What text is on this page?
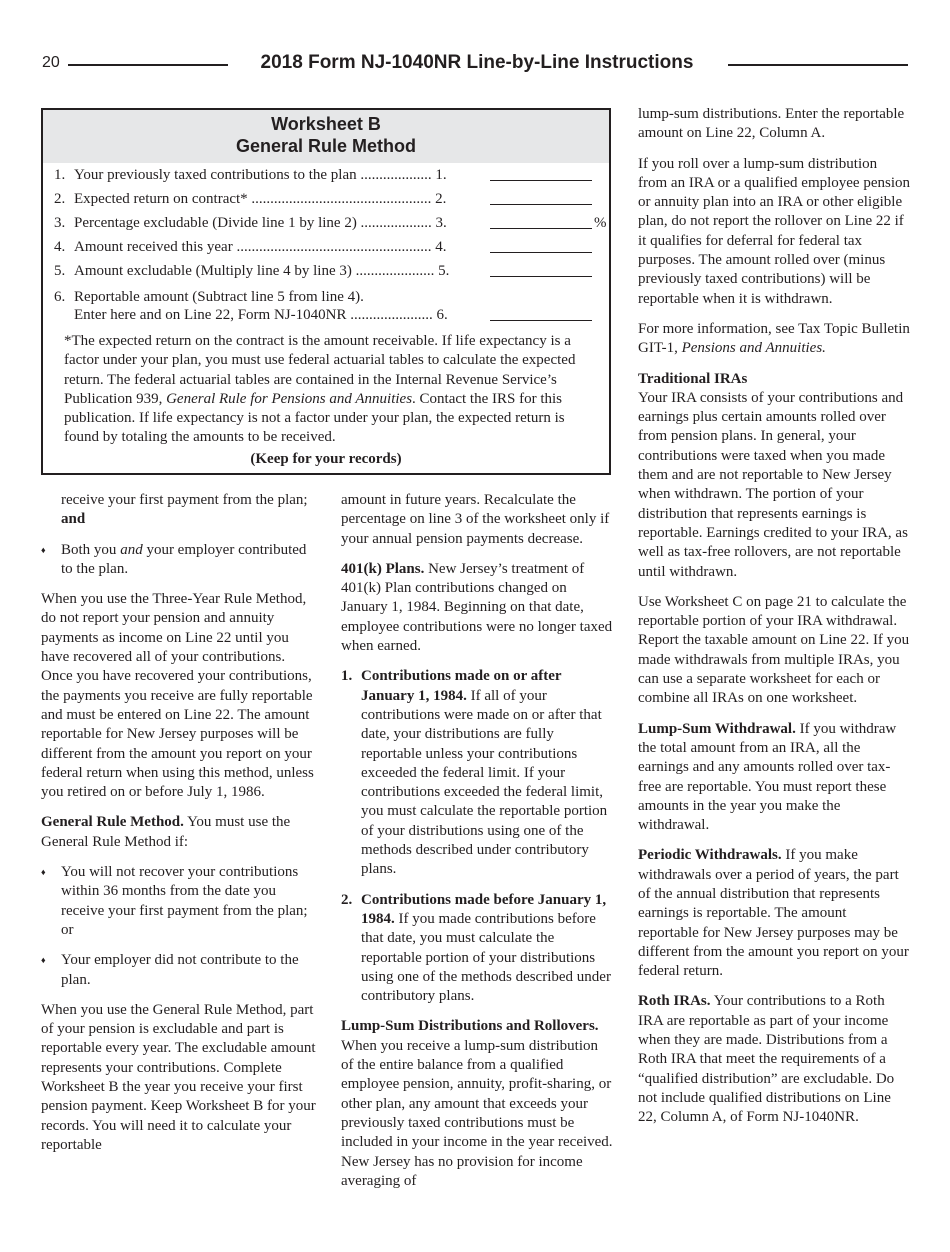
20	2018 Form NJ-1040NR Line-by-Line Instructions
Worksheet B
General Rule Method
1. Your previously taxed contributions to the plan ................... 1.
2. Expected return on contract* ................................................ 2.
3. Percentage excludable (Divide line 1 by line 2) ................... 3.	%
4. Amount received this year .................................................... 4.
5. Amount excludable (Multiply line 4 by line 3) ..................... 5.
6. Reportable amount (Subtract line 5 from line 4).
Enter here and on Line 22, Form NJ-1040NR ...................... 6.
*The expected return on the contract is the amount receivable. If life expectancy is a factor under your plan, you must use federal actuarial tables to calculate the expected return. The federal actuarial tables are contained in the Internal Revenue Service’s Publication 939, General Rule for Pensions and Annuities. Contact the IRS for this publication. If life expectancy is not a factor under your plan, the expected return is found by totaling the amounts to be received.
(Keep for your records)

receive your first payment from the plan; and

♦ Both you and your employer contributed to the plan.

When you use the Three-Year Rule Method, do not report your pension and annuity payments as income on Line 22 until you have recovered all of your contributions. Once you have recovered your contributions, the payments you receive are fully reportable and must be entered on Line 22. The amount reportable for New Jersey purposes will be different from the amount you report on your federal return when using this method, unless you retired on or before July 1, 1986.

General Rule Method. You must use the General Rule Method if:

♦ You will not recover your contributions within 36 months from the date you receive your first payment from the plan; or

♦ Your employer did not contribute to the plan.

When you use the General Rule Method, part of your pension is excludable and part is reportable every year. The excludable amount represents your contributions. Complete Worksheet B the year you receive your first pension payment. Keep Worksheet B for your records. You will need it to calculate your reportable

amount in future years. Recalculate the percentage on line 3 of the worksheet only if your annual pension payments decrease.

401(k) Plans. New Jersey’s treatment of 401(k) Plan contributions changed on January 1, 1984. Beginning on that date, employee contributions were no longer taxed when earned.

1. Contributions made on or after January 1, 1984. If all of your contributions were made on or after that date, your distributions are fully reportable unless your contributions exceeded the federal limit. If your contributions exceeded the federal limit, you must calculate the reportable portion of your distributions using one of the methods described under contributory plans.

2. Contributions made before January 1, 1984. If you made contributions before that date, you must calculate the reportable portion of your distributions using one of the methods described under contributory plans.

Lump-Sum Distributions and Rollovers. When you receive a lump-sum distribution of the entire balance from a qualified employee pension, annuity, profit-sharing, or other plan, any amount that exceeds your previously taxed contributions must be included in your income in the year received. New Jersey has no provision for income averaging of

lump-sum distributions. Enter the reportable amount on Line 22, Column A.

If you roll over a lump-sum distribution from an IRA or a qualified employee pension or annuity plan into an IRA or other eligible plan, do not report the rollover on Line 22 if it qualifies for deferral for federal tax purposes. The amount rolled over (minus previously taxed contributions) will be reportable when it is withdrawn.

For more information, see Tax Topic Bulletin GIT-1, Pensions and Annuities.

Traditional IRAs
Your IRA consists of your contributions and earnings plus certain amounts rolled over from pension plans. In general, your contributions were taxed when you made them and are not reportable to New Jersey when withdrawn. The portion of your distribution that represents earnings is reportable. Earnings credited to your IRA, as well as tax-free rollovers, are not reportable until withdrawn.

Use Worksheet C on page 21 to calculate the reportable portion of your IRA withdrawal. Report the taxable amount on Line 22. If you made withdrawals from multiple IRAs, you can use a separate worksheet for each or combine all IRAs on one worksheet.

Lump-Sum Withdrawal. If you withdraw the total amount from an IRA, all the earnings and any amounts rolled over tax-free are reportable. You must report these amounts in the year you make the withdrawal.

Periodic Withdrawals. If you make withdrawals over a period of years, the part of the annual distribution that represents earnings is reportable. The amount reportable for New Jersey purposes may be different from the amount you report on your federal return.

Roth IRAs. Your contributions to a Roth IRA are reportable as part of your income when they are made. Distributions from a Roth IRA that meet the requirements of a “qualified distribution” are excludable. Do not include qualified distributions on Line 22, Column A, of Form NJ-1040NR.
